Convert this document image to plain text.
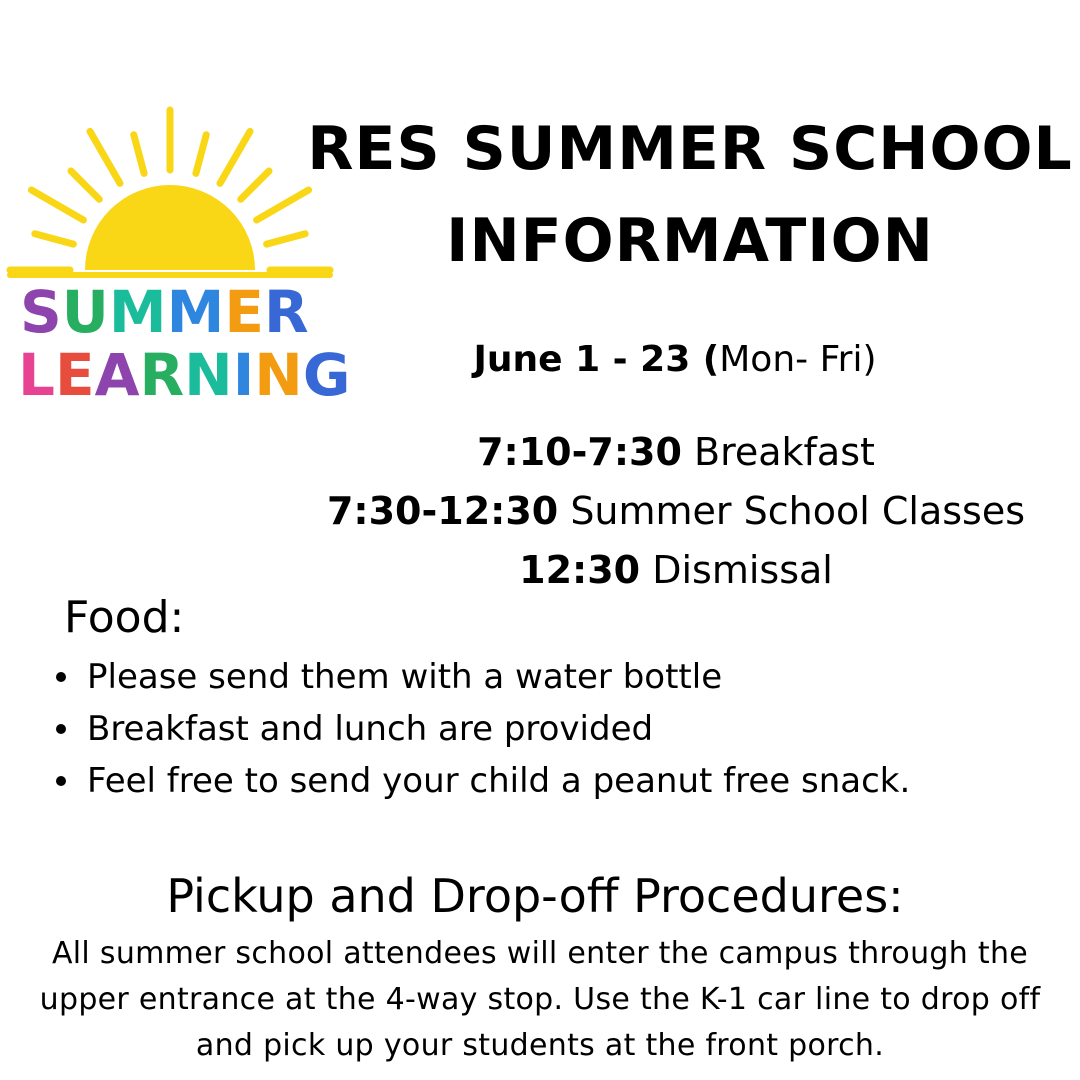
SUMMER

LEARNING

RES SUMMER SCHOOL INFORMATION

June 1 - 23 (Mon- Fri)

7:10-7:30 Breakfast

7:30-12:30 Summer School Classes

12:30 Dismissal

Food:
Please send them with a water bottle
Breakfast and lunch are provided
Feel free to send your child a peanut free snack.
Pickup and Drop-off Procedures:

All summer school attendees will enter the campus through the upper entrance at the 4-way stop. Use the K-1 car line to drop off and pick up your students at the front porch.
